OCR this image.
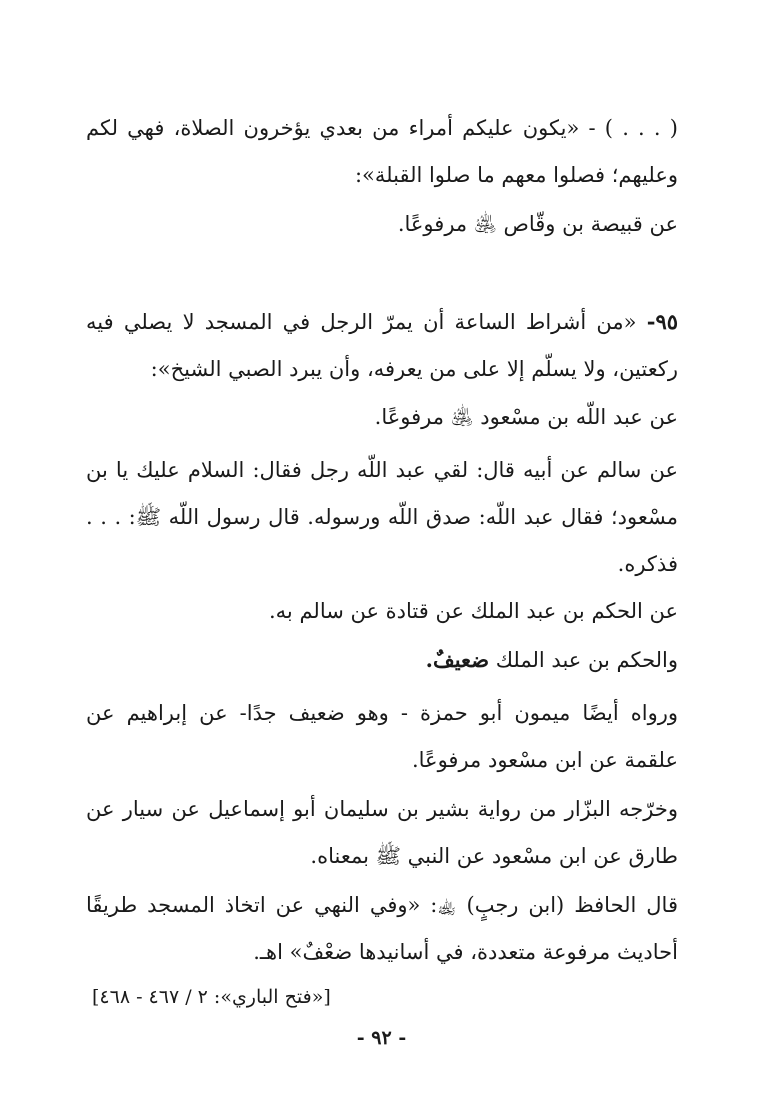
( . . . ) - «يكون عليكم أمراء من بعدي يؤخرون الصلاة، فهي لكم وعليهم؛ فصلوا معهم ما صلوا القبلة»:
عن قبيصة بن وقّاص ﵁ مرفوعًا.
٩٥- «من أشراط الساعة أن يمرّ الرجل في المسجد لا يصلي فيه ركعتين، ولا يسلّم إلا على من يعرفه، وأن يبرد الصبي الشيخ»:
عن عبد اللّه بن مسْعود ﵁ مرفوعًا.
عن سالم عن أبيه قال: لقي عبد اللّه رجل فقال: السلام عليك يا بن مسْعود؛ فقال عبد اللّه: صدق اللّه ورسوله. قال رسول اللّه ﷺ: . . . فذكره.
عن الحكم بن عبد الملك عن قتادة عن سالم به.
والحكم بن عبد الملك ضعيفٌ.
ورواه أيضًا ميمون أبو حمزة - وهو ضعيف جدًا- عن إبراهيم عن علقمة عن ابن مسْعود مرفوعًا.
وخرّجه البزّار من رواية بشير بن سليمان أبو إسماعيل عن سيار عن طارق عن ابن مسْعود عن النبي ﷺ بمعناه.
قال الحافظ (ابن رجبٍ) ﵀: «وفي النهي عن اتخاذ المسجد طريقًا أحاديث مرفوعة متعددة، في أسانيدها ضعْفٌ» اهـ.
[«فتح الباري»: ٢ / ٤٦٧ - ٤٦٨]
- ٩٢ -
